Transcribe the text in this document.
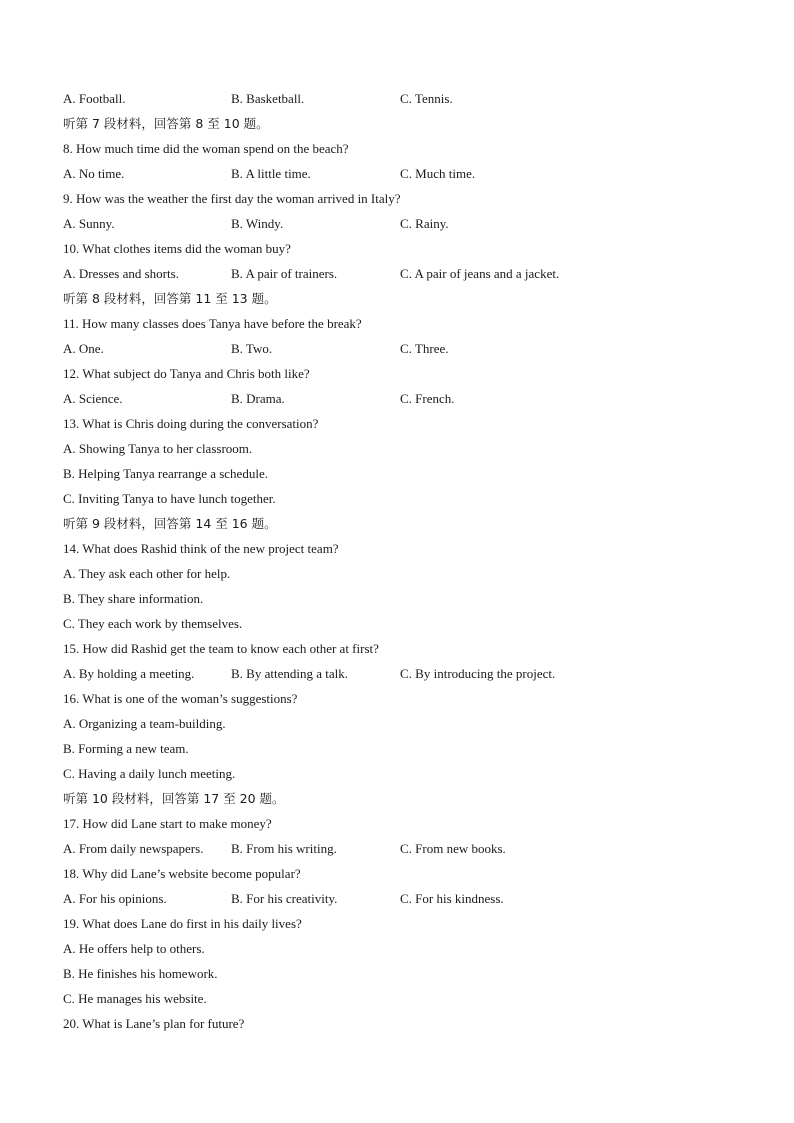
A. Football.	B. Basketball.	C. Tennis.
听第 7 段材料，回答第 8 至 10 题。
8. How much time did the woman spend on the beach?
A. No time.	B. A little time.	C. Much time.
9. How was the weather the first day the woman arrived in Italy?
A. Sunny.	B. Windy.	C. Rainy.
10. What clothes items did the woman buy?
A. Dresses and shorts.	B. A pair of trainers.	C. A pair of jeans and a jacket.
听第 8 段材料，回答第 11 至 13 题。
11. How many classes does Tanya have before the break?
A. One.	B. Two.	C. Three.
12. What subject do Tanya and Chris both like?
A. Science.	B. Drama.	C. French.
13. What is Chris doing during the conversation?
A. Showing Tanya to her classroom.
B. Helping Tanya rearrange a schedule.
C. Inviting Tanya to have lunch together.
听第 9 段材料，回答第 14 至 16 题。
14. What does Rashid think of the new project team?
A. They ask each other for help.
B. They share information.
C. They each work by themselves.
15. How did Rashid get the team to know each other at first?
A. By holding a meeting.	B. By attending a talk.	C. By introducing the project.
16. What is one of the woman’s suggestions?
A. Organizing a team-building.
B. Forming a new team.
C. Having a daily lunch meeting.
听第 10 段材料，回答第 17 至 20 题。
17. How did Lane start to make money?
A. From daily newspapers. B. From his writing.	C. From new books.
18. Why did Lane’s website become popular?
A. For his opinions.	B. For his creativity.	C. For his kindness.
19. What does Lane do first in his daily lives?
A. He offers help to others.
B. He finishes his homework.
C. He manages his website.
20. What is Lane’s plan for future?
